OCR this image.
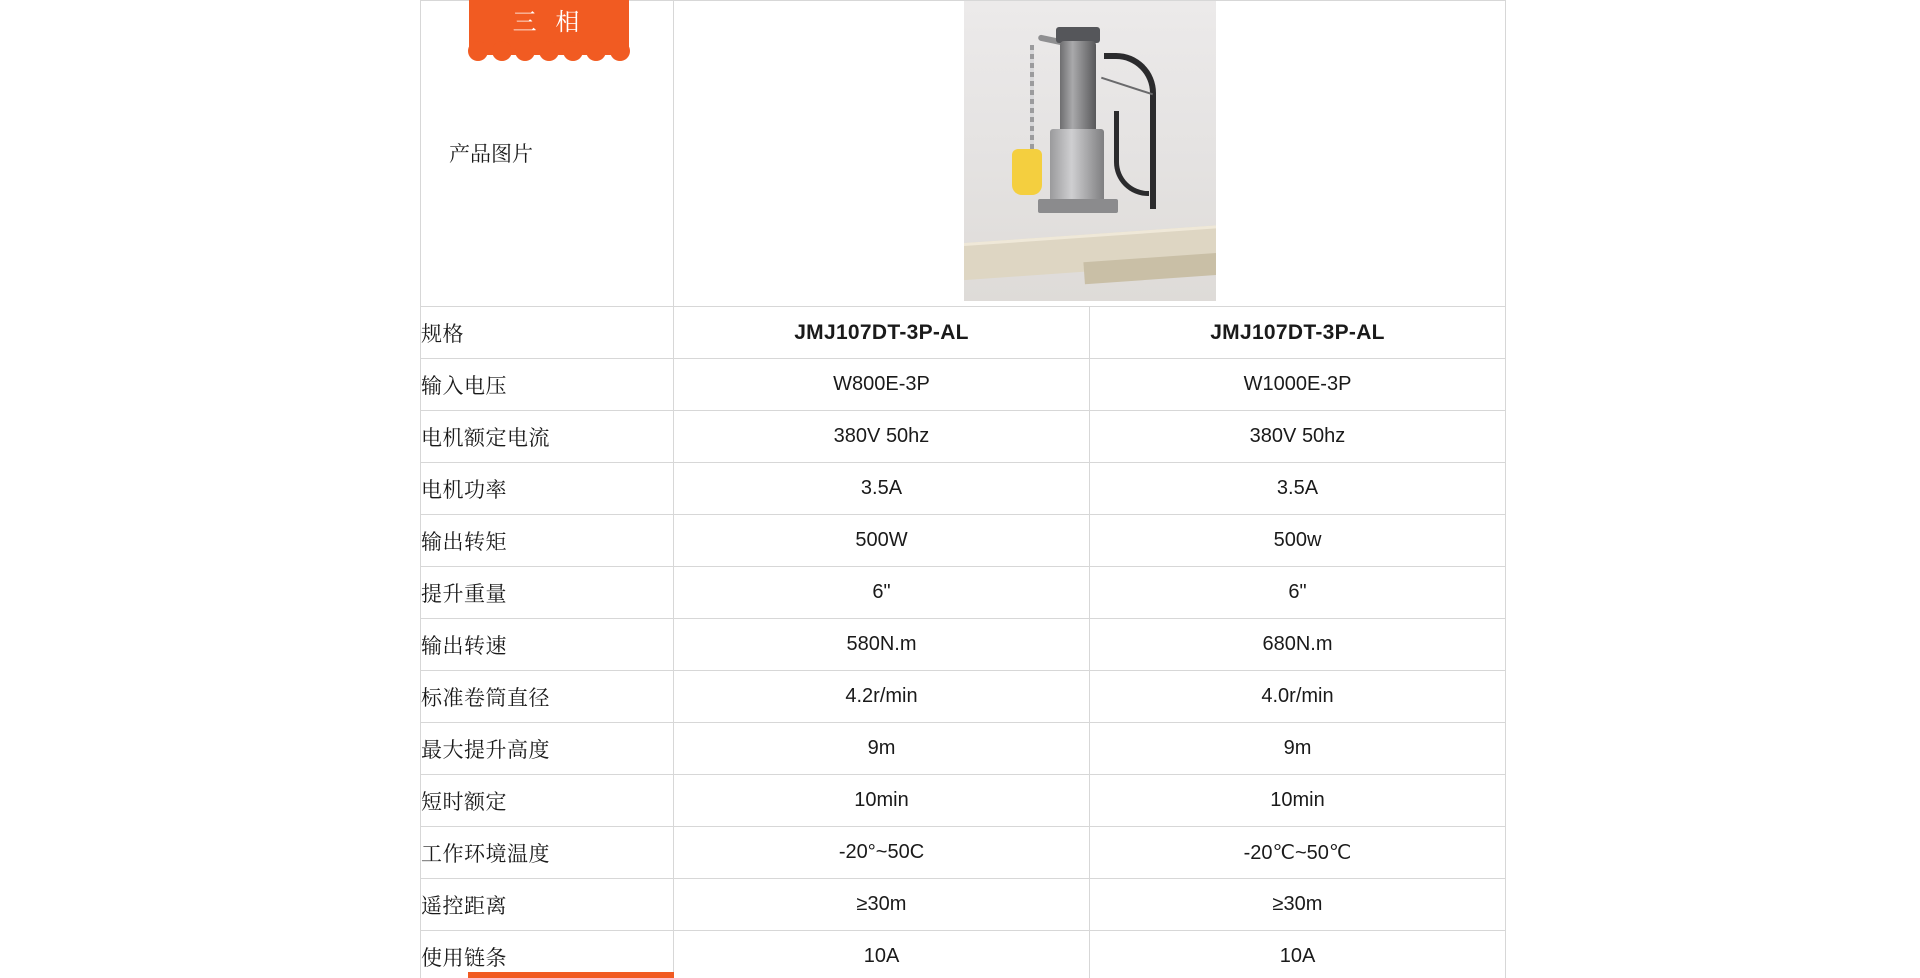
三 相
产品图片		

规格	JMJ107DT-3P-AL	JMJ107DT-3P-AL
输入电压	W800E-3P	W1000E-3P
电机额定电流	380V 50hz	380V 50hz
电机功率	3.5A	3.5A
输出转矩	500W	500w
提升重量	6"	6"
输出转速	580N.m	680N.m
标准卷筒直径	4.2r/min	4.0r/min
最大提升高度	9m	9m
短时额定	10min	10min
工作环境温度	-20°~50C	-20℃~50℃
遥控距离	≥30m	≥30m
使用链条	10A	10A
